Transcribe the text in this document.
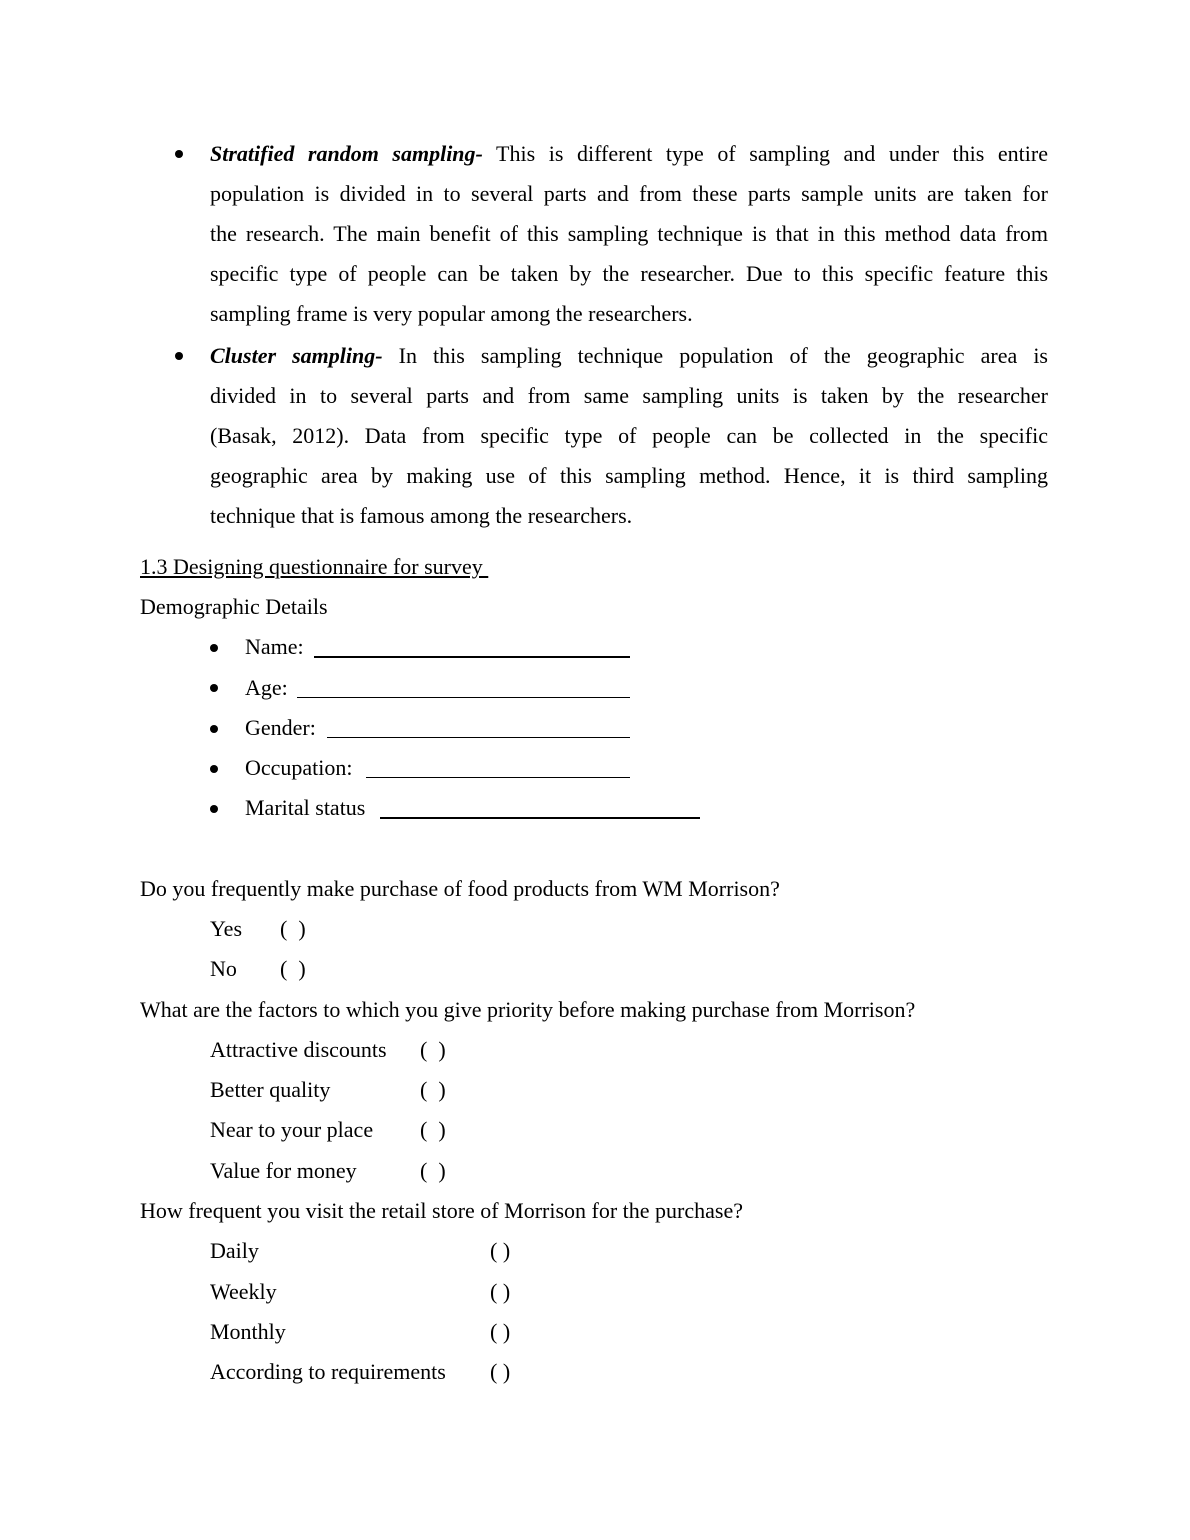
Stratified random sampling- This is different type of sampling and under this entire
population is divided in to several parts and from these parts sample units are taken for
the research. The main benefit of this sampling technique is that in this method data from
specific type of people can be taken by the researcher. Due to this specific feature this
sampling frame is very popular among the researchers.
Cluster sampling- In this sampling technique population of the geographic area is
divided in to several parts and from same sampling units is taken by the researcher
(Basak, 2012). Data from specific type of people can be collected in the specific
geographic area by making use of this sampling method. Hence, it is third sampling
technique that is famous among the researchers.
1.3 Designing questionnaire for survey
Demographic Details
Name:
Age:
Gender:
Occupation:
Marital status
Do you frequently make purchase of food products from WM Morrison?
Yes (  )
No (  )
What are the factors to which you give priority before making purchase from Morrison?
Attractive discounts (  )
Better quality	(  )
Near to your place (  )
Value for money	(  )
How frequent you visit the retail store of Morrison for the purchase?
Daily	( )
Weekly	( )
Monthly	( )
According to requirements ( )
